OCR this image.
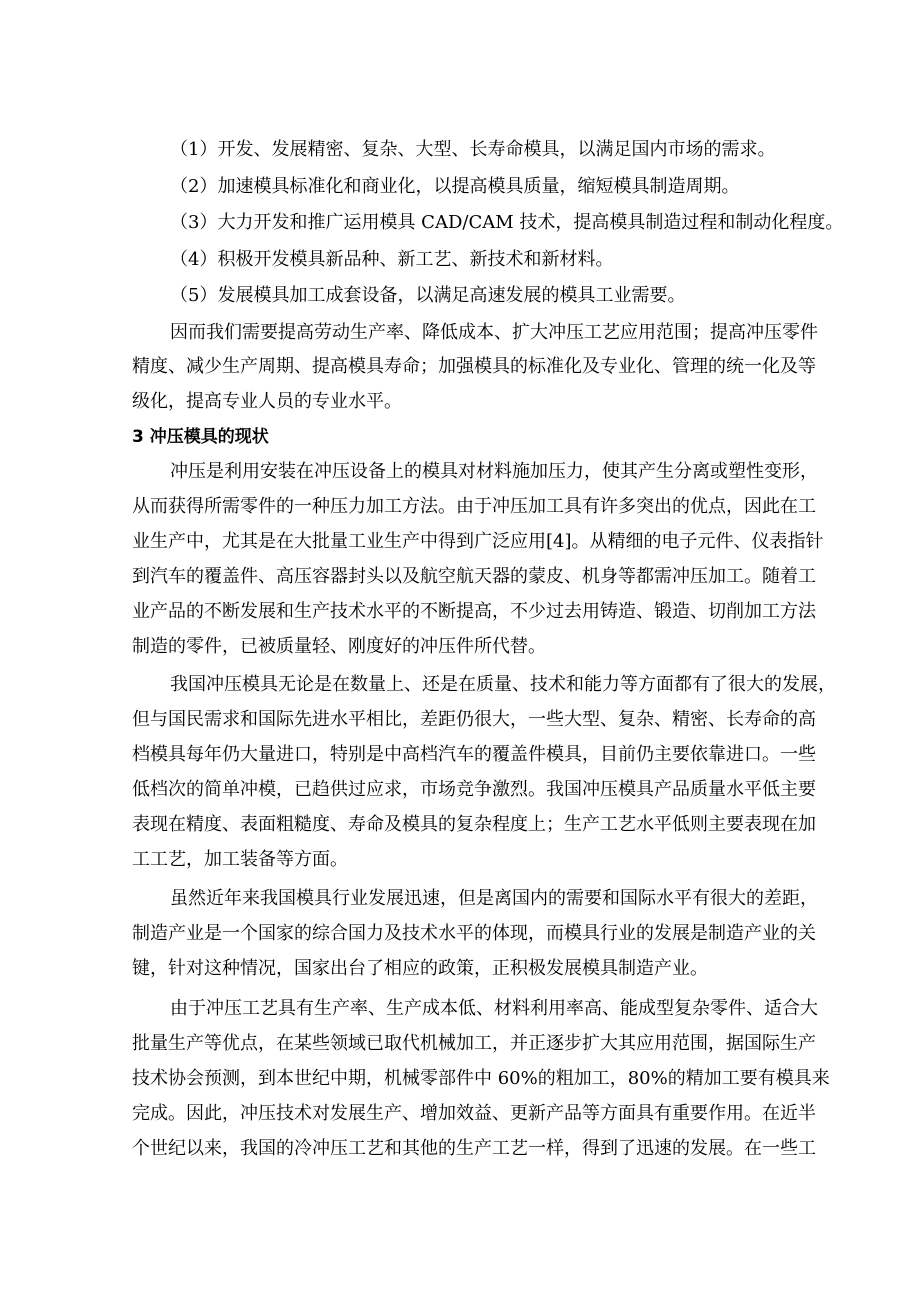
（1）开发、发展精密、复杂、大型、长寿命模具，以满足国内市场的需求。
（2）加速模具标准化和商业化，以提高模具质量，缩短模具制造周期。
（3）大力开发和推广运用模具 CAD/CAM 技术，提高模具制造过程和制动化程度。
（4）积极开发模具新品种、新工艺、新技术和新材料。
（5）发展模具加工成套设备，以满足高速发展的模具工业需要。
因而我们需要提高劳动生产率、降低成本、扩大冲压工艺应用范围；提高冲压零件
精度、减少生产周期、提高模具寿命；加强模具的标准化及专业化、管理的统一化及等
级化，提高专业人员的专业水平。
3 冲压模具的现状
冲压是利用安装在冲压设备上的模具对材料施加压力，使其产生分离或塑性变形，
从而获得所需零件的一种压力加工方法。由于冲压加工具有许多突出的优点，因此在工
业生产中，尤其是在大批量工业生产中得到广泛应用[4]。从精细的电子元件、仪表指针
到汽车的覆盖件、高压容器封头以及航空航天器的蒙皮、机身等都需冲压加工。随着工
业产品的不断发展和生产技术水平的不断提高，不少过去用铸造、锻造、切削加工方法
制造的零件，已被质量轻、刚度好的冲压件所代替。
我国冲压模具无论是在数量上、还是在质量、技术和能力等方面都有了很大的发展，
但与国民需求和国际先进水平相比，差距仍很大，一些大型、复杂、精密、长寿命的高
档模具每年仍大量进口，特别是中高档汽车的覆盖件模具，目前仍主要依靠进口。一些
低档次的简单冲模，已趋供过应求，市场竞争激烈。我国冲压模具产品质量水平低主要
表现在精度、表面粗糙度、寿命及模具的复杂程度上；生产工艺水平低则主要表现在加
工工艺，加工装备等方面。
虽然近年来我国模具行业发展迅速，但是离国内的需要和国际水平有很大的差距，
制造产业是一个国家的综合国力及技术水平的体现，而模具行业的发展是制造产业的关
键，针对这种情况，国家出台了相应的政策，正积极发展模具制造产业。
由于冲压工艺具有生产率、生产成本低、材料利用率高、能成型复杂零件、适合大
批量生产等优点，在某些领域已取代机械加工，并正逐步扩大其应用范围，据国际生产
技术协会预测，到本世纪中期，机械零部件中 60%的粗加工，80%的精加工要有模具来
完成。因此，冲压技术对发展生产、增加效益、更新产品等方面具有重要作用。在近半
个世纪以来，我国的冷冲压工艺和其他的生产工艺一样，得到了迅速的发展。在一些工
